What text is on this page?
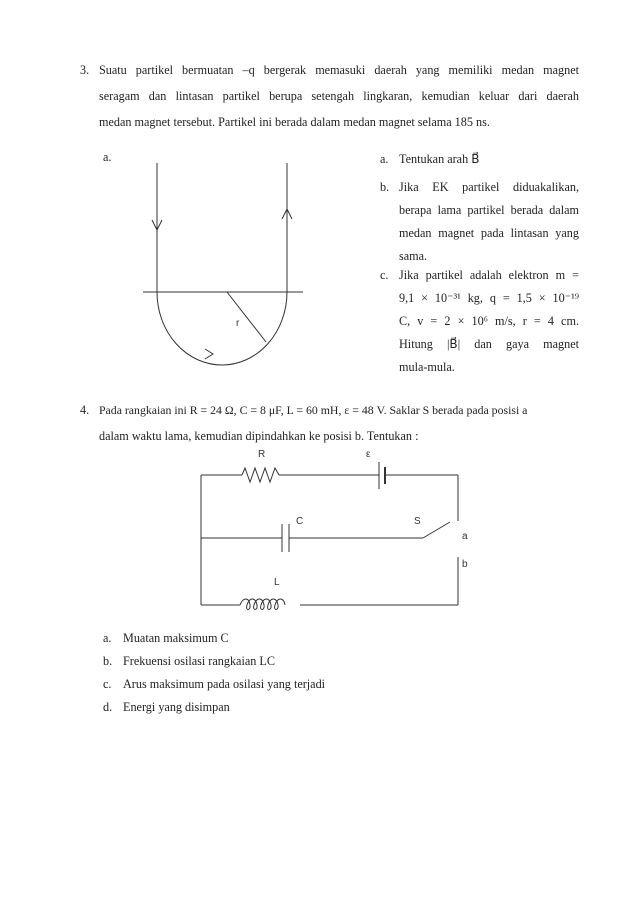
3. Suatu partikel bermuatan –q bergerak memasuki daerah yang memiliki medan magnet
seragam dan lintasan partikel berupa setengah lingkaran, kemudian keluar dari daerah
medan magnet tersebut. Partikel ini berada dalam medan magnet selama 185 ns.
a.
r
a. Tentukan arah B⃗
b. Jika EK partikel diduakalikan,
berapa lama partikel berada dalam
medan magnet pada lintasan yang
sama.
c. Jika partikel adalah elektron m =
9,1 × 10⁻³¹ kg, q = 1,5 × 10⁻¹⁹
C, v = 2 × 10⁶ m/s, r = 4 cm.
Hitung |B⃗| dan gaya magnet
mula-mula.
4. Pada rangkaian ini R = 24 Ω, C = 8 μF, L = 60 mH, ε = 48 V. Saklar S berada pada posisi a
dalam waktu lama, kemudian dipindahkan ke posisi b. Tentukan :
R	ε
C	S
a
b
L
a. Muatan maksimum C
b. Frekuensi osilasi rangkaian LC
c. Arus maksimum pada osilasi yang terjadi
d. Energi yang disimpan
